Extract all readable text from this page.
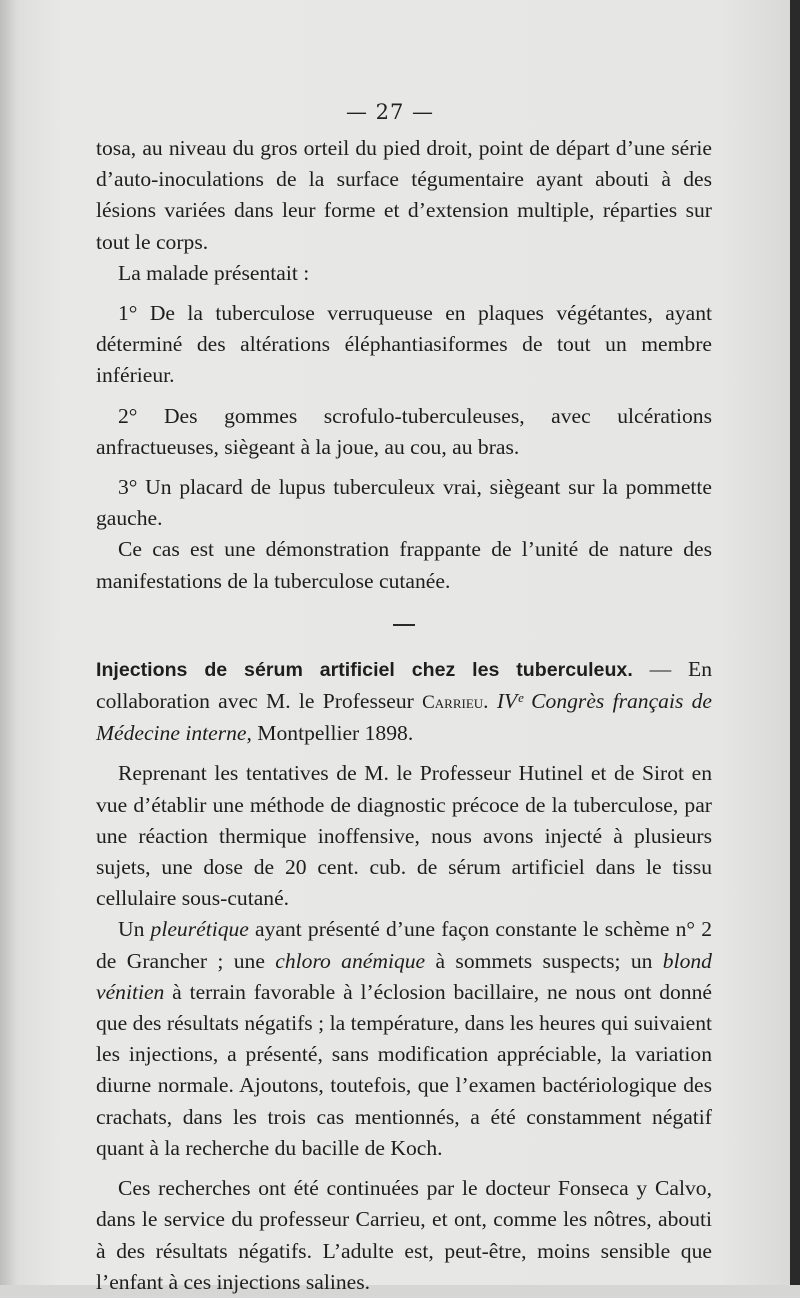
— 27 —

tosa, au niveau du gros orteil du pied droit, point de départ d’une série d’auto-inoculations de la surface tégumentaire ayant abouti à des lésions variées dans leur forme et d’extension multiple, réparties sur tout le corps.

La malade présentait :

1° De la tuberculose verruqueuse en plaques végétantes, ayant déterminé des altérations éléphantiasiformes de tout un membre inférieur.

2° Des gommes scrofulo-tuberculeuses, avec ulcérations anfractueuses, siègeant à la joue, au cou, au bras.

3° Un placard de lupus tuberculeux vrai, siègeant sur la pommette gauche.

Ce cas est une démonstration frappante de l’unité de nature des manifestations de la tuberculose cutanée.

Injections de sérum artificiel chez les tuberculeux. — En collaboration avec M. le Professeur Carrieu. IVᵉ Congrès français de Médecine interne, Montpellier 1898.

Reprenant les tentatives de M. le Professeur Hutinel et de Sirot en vue d’établir une méthode de diagnostic précoce de la tuberculose, par une réaction thermique inoffensive, nous avons injecté à plusieurs sujets, une dose de 20 cent. cub. de sérum artificiel dans le tissu cellulaire sous-cutané.

Un pleurétique ayant présenté d’une façon constante le schème n° 2 de Grancher ; une chloro anémique à sommets suspects; un blond vénitien à terrain favorable à l’éclosion bacillaire, ne nous ont donné que des résultats négatifs ; la température, dans les heures qui suivaient les injections, a présenté, sans modification appréciable, la variation diurne normale. Ajoutons, toutefois, que l’examen bactériologique des crachats, dans les trois cas mentionnés, a été constamment négatif quant à la recherche du bacille de Koch.

Ces recherches ont été continuées par le docteur Fonseca y Calvo, dans le service du professeur Carrieu, et ont, comme les nôtres, abouti à des résultats négatifs. L’adulte est, peut-être, moins sensible que l’enfant à ces injections salines.
